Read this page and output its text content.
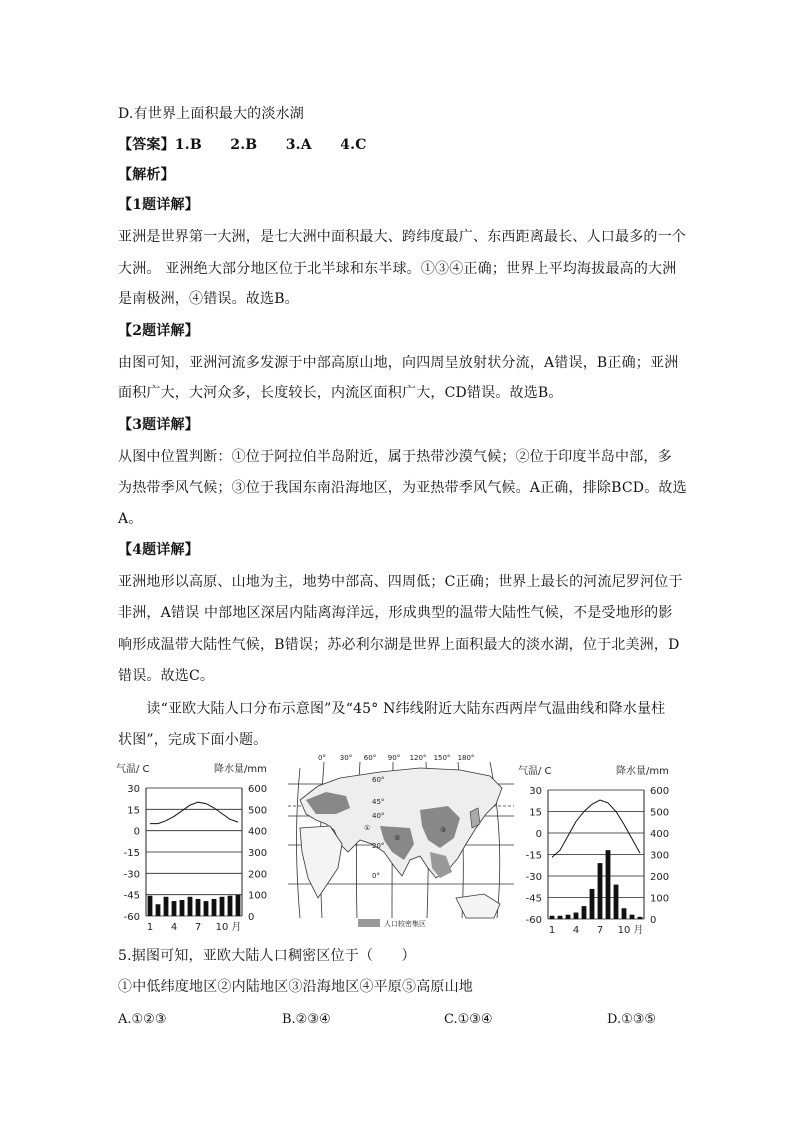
D.有世界上面积最大的淡水湖
【答案】1.B　　2.B　　3.A　　4.C
【解析】
【1题详解】
亚洲是世界第一大洲，是七大洲中面积最大、跨纬度最广、东西距离最长、人口最多的一个
大洲。 亚洲绝大部分地区位于北半球和东半球。①③④正确；世界上平均海拔最高的大洲
是南极洲，④错误。故选B。
【2题详解】
由图可知，亚洲河流多发源于中部高原山地，向四周呈放射状分流，A错误，B正确；亚洲
面积广大，大河众多，长度较长，内流区面积广大，CD错误。故选B。
【3题详解】
从图中位置判断：①位于阿拉伯半岛附近，属于热带沙漠气候；②位于印度半岛中部，多
为热带季风气候；③位于我国东南沿海地区，为亚热带季风气候。A正确，排除BCD。故选
A。
【4题详解】
亚洲地形以高原、山地为主，地势中部高、四周低；C正确；世界上最长的河流尼罗河位于
非洲，A错误 中部地区深居内陆离海洋远，形成典型的温带大陆性气候，不是受地形的影
响形成温带大陆性气候，B错误；苏必利尔湖是世界上面积最大的淡水湖，位于北美洲，D
错误。故选C。
　　读“亚欧大陆人口分布示意图”及“45° N纬线附近大陆东西两岸气温曲线和降水量柱
状图”，完成下面小题。
气温/ C	降水量/mm
30	600
15	500
0	400
-15	300
-30	200
-45	100
-60	0
1 4 7 10 月
①
②
③
人口较密集区
0° 30° 60° 90° 120° 150° 180°
60°
45°
40°
20°
0°
气温/ C	降水量/mm
30	600
15	500
0	400
-15	300
-30	200
-45	100
-60	0
1 4 7 10 月
5.据图可知，亚欧大陆人口稠密区位于（　　）
①中低纬度地区②内陆地区③沿海地区④平原⑤高原山地
A.①②③	B.②③④	C.①③④	D.①③⑤
